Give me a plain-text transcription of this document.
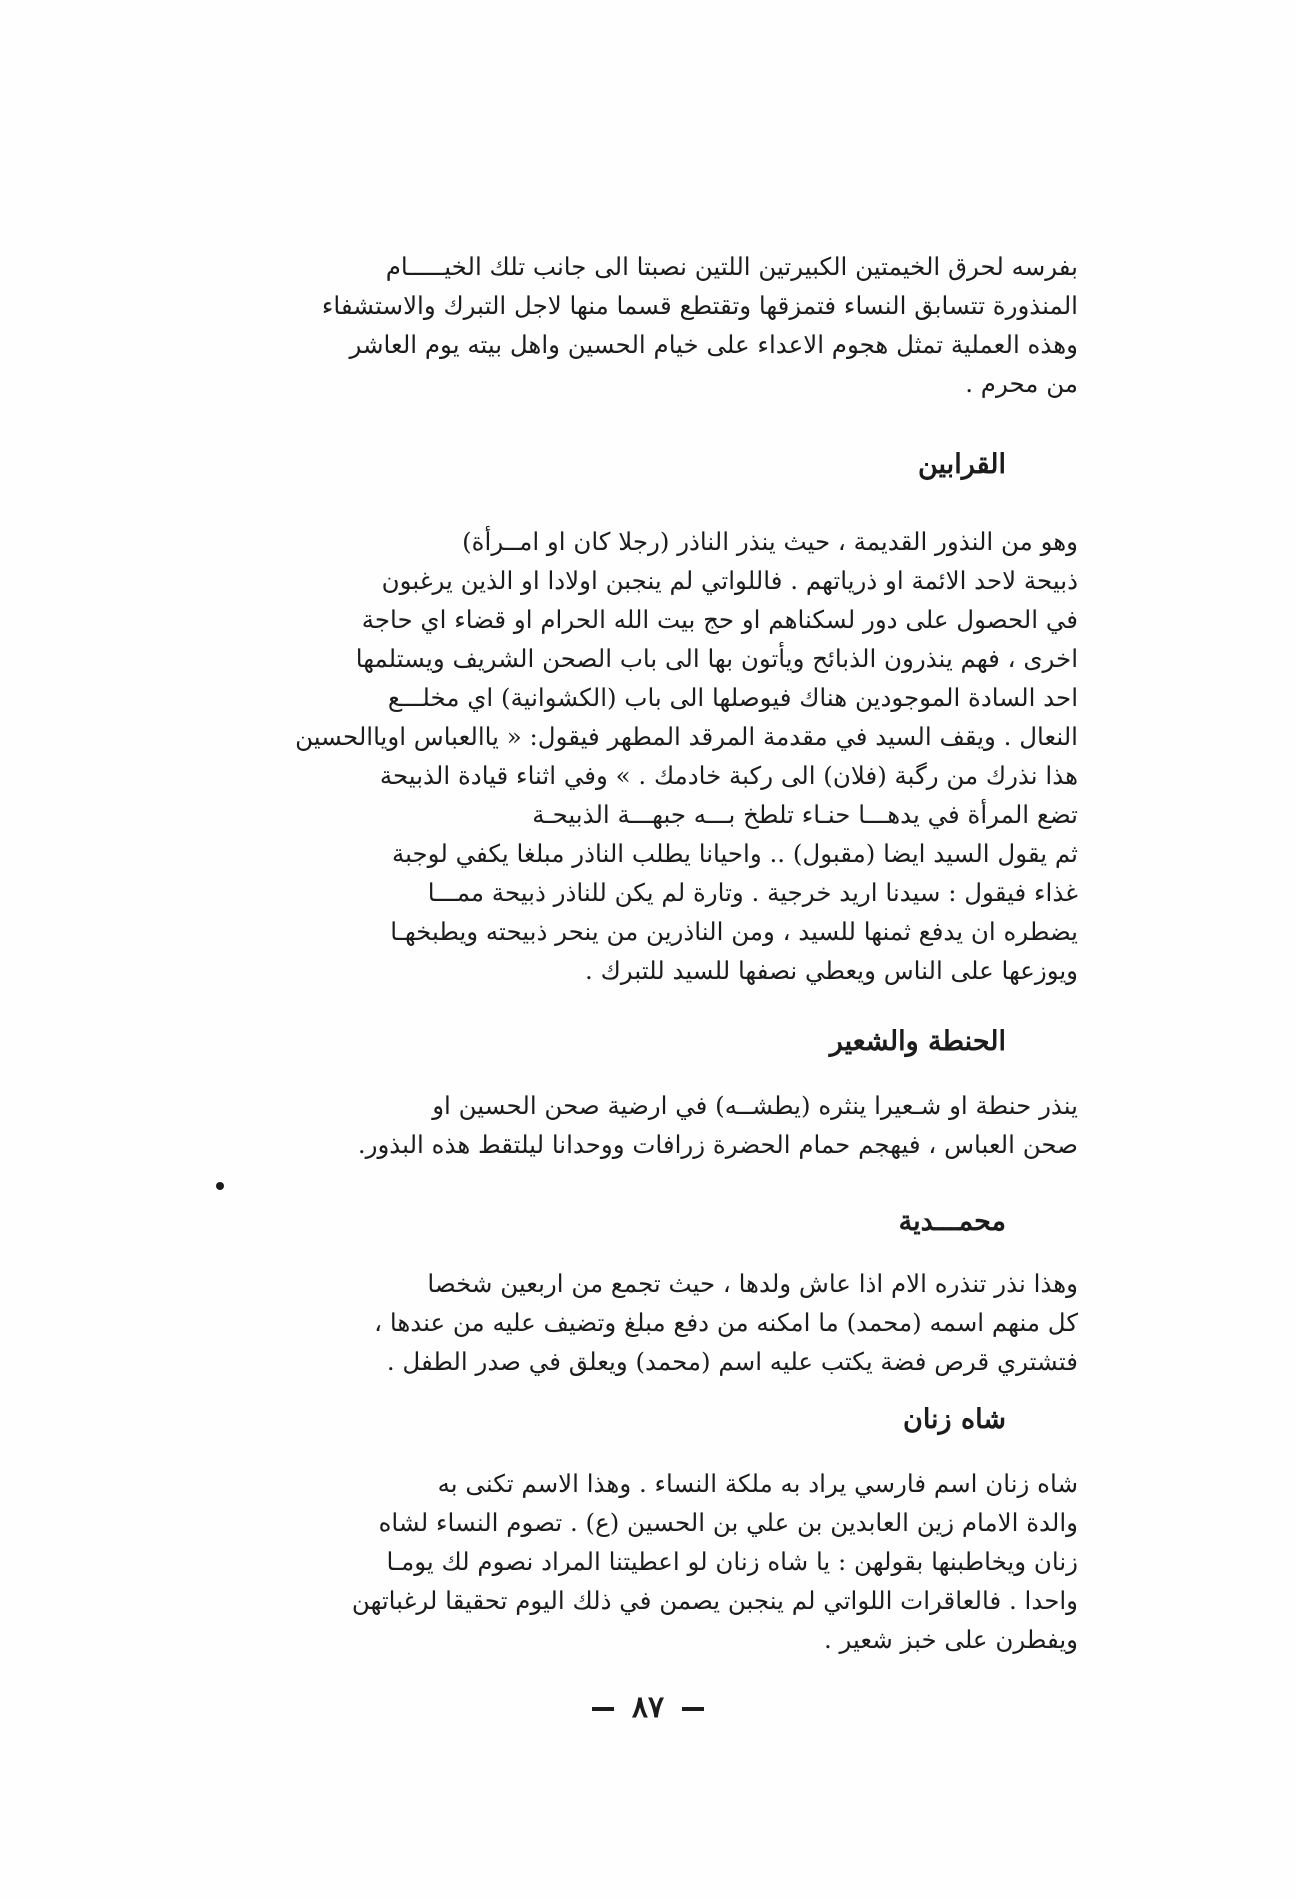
بفرسه لحرق الخيمتين الكبيرتين اللتين نصبتا الى جانب تلك الخيـــــام

المنذورة تتسابق النساء فتمزقها وتقتطع قسما منها لاجل التبرك والاستشفاء

وهذه العملية تمثل هجوم الاعداء على خيام الحسين واهل بيته يوم العاشر

من محرم .

القرابين

وهو من النذور القديمة ، حيث ينذر الناذر (رجلا كان او امــرأة)

ذبيحة لاحد الائمة او ذرياتهم . فاللواتي لم ينجبن اولادا او الذين يرغبون

في الحصول على دور لسكناهم او حج بيت الله الحرام او قضاء اي حاجة

اخرى ، فهم ينذرون الذبائح ويأتون بها الى باب الصحن الشريف ويستلمها

احد السادة الموجودين هناك فيوصلها الى باب (الكشوانية) اي مخلـــع

النعال . ويقف السيد في مقدمة المرقد المطهر فيقول: « ياالعباس اوياالحسين

هذا نذرك من رگبة (فلان) الى ركبة خادمك . » وفي اثناء قيادة الذبيحة

تضع المرأة في يدهـــا حنـاء تلطخ بـــه جبهـــة الذبيحـة

ثم يقول السيد ايضا (مقبول) .. واحيانا يطلب الناذر مبلغا يكفي لوجبة

غذاء فيقول : سيدنا اريد خرجية . وتارة لم يكن للناذر ذبيحة ممـــا

يضطره ان يدفع ثمنها للسيد ، ومن الناذرين من ينحر ذبيحته ويطبخهـا

ويوزعها على الناس ويعطي نصفها للسيد للتبرك .

الحنطة والشعير

ينذر حنطة او شـعيرا ينثره (يطشــه) في ارضية صحن الحسين او

صحن العباس ، فيهجم حمام الحضرة زرافات ووحدانا ليلتقط هذه البذور.

محمـــدية

وهذا نذر تنذره الام اذا عاش ولدها ، حيث تجمع من اربعين شخصا

كل منهم اسمه (محمد) ما امكنه من دفع مبلغ وتضيف عليه من عندها ،

فتشتري قرص فضة يكتب عليه اسم (محمد) ويعلق في صدر الطفل .

شاه زنان

شاه زنان اسم فارسي يراد به ملكة النساء . وهذا الاسم تكنى به

والدة الامام زين العابدين بن علي بن الحسين (ع) . تصوم النساء لشاه

زنان ويخاطبنها بقولهن : يا شاه زنان لو اعطيتنا المراد نصوم لك يومـا

واحدا . فالعاقرات اللواتي لم ينجبن يصمن في ذلك اليوم تحقيقا لرغباتهن

ويفطرن على خبز شعير .

٨٧
